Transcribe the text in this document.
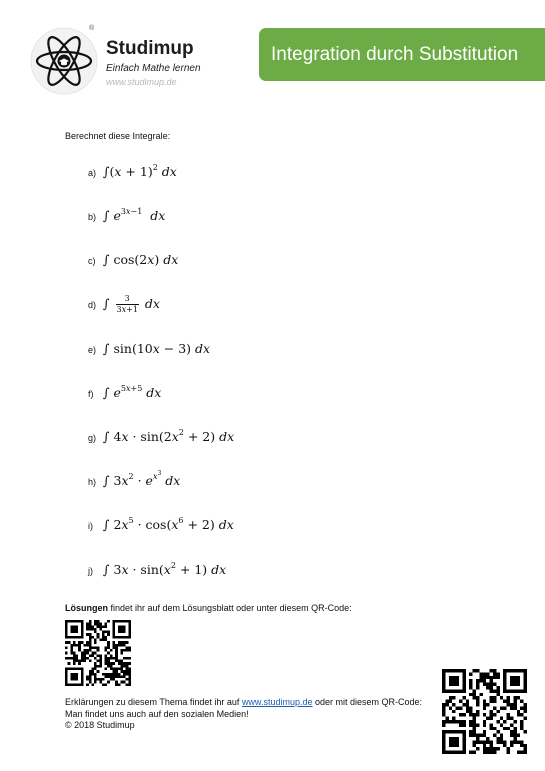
®
Studimup
Einfach Mathe lernen
www.studimup.de
Integration durch Substitution
Berechnet diese Integrale:
a) $\int(x + 1)^2$ dx
b) ∫ $e^{3x-1}$ dx
c) ∫ cos(2x) dx
d) ∫ $\frac{3}{3x+1}$ dx
e) ∫ sin(10x − 3) dx
f) ∫ $e^{5x+5}$ dx
g) ∫ $4x \cdot \sin(2x^2 + 2)$ dx
h) ∫ $3x^2 \cdot e^{x^3}$ dx
i) ∫ $2x^5 \cdot \cos(x^6 + 2)$ dx
j) ∫ $3x \cdot \sin(x^2 + 1)$ dx
Lösungen findet ihr auf dem Lösungsblatt oder unter diesem QR-Code:
Erklärungen zu diesem Thema findet ihr auf www.studimup.de oder mit diesem QR-Code:
Man findet uns auch auf den sozialen Medien!
© 2018 Studimup
